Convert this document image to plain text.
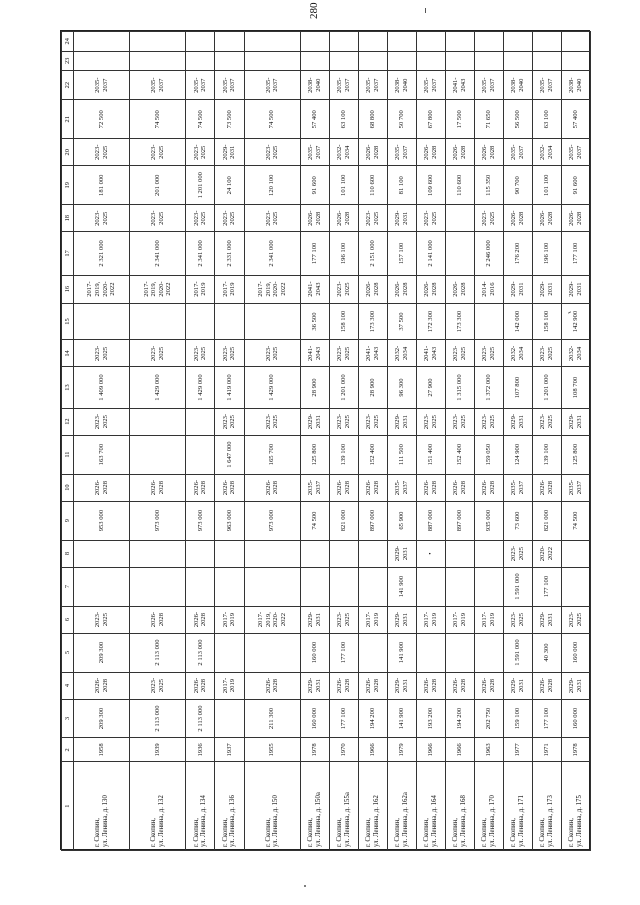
280
1	2	3	4	5	6	7	8	9	10	11	12	13	14	15	16	17	18	19	20	21	22	23	24
г. Скопин,
ул. Ленина, д. 130	1958	209 300	2026-
2028	209 300	2023-
2025			953 000	2026-
2028	163 700	2023-
2025	1 409 000	2023-
2025		2017-
2019,
2020-
2022	2 321 000	2023-
2025	181 000	2023-
2025	72 500	2035-
2037		
г. Скопин,
ул. Ленина, д. 132	1939	2 113 000	2023-
2025	2 113 000	2026-
2028			973 000	2026-
2028			1 429 000	2023-
2025		2017-
2019,
2020-
2022	2 341 000	2023-
2025	201 000	2023-
2025	74 500	2035-
2037		
г. Скопин,
ул. Ленина, д. 134	1936	2 113 000	2026-
2028	2 113 000	2026-
2028			973 000	2026-
2028			1 429 000	2023-
2025		2017-
2019	2 341 000	2023-
2025	1 201 000	2023-
2025	74 500	2035-
2037		
г. Скопин,
ул. Ленина, д. 136	1937		2017-
2019		2017-
2019			963 000	2026-
2028	1 647 000	2023-
2025	1 419 000	2023-
2025		2017-
2019	2 331 000	2023-
2025	24 100	2029-
2031	73 500	2035-
2037		
г. Скопин,
ул. Ленина, д. 150	1955	211 300	2026-
2028		2017-
2019,
2020-
2022			973 000	2026-
2028	165 700	2023-
2025	1 429 000	2023-
2025		2017-
2019,
2020-
2022	2 341 000	2023-
2025	120 100	2023-
2025	74 500	2035-
2037		
г. Скопин,
ул. Ленина, д. 150а	1978	160 000	2029-
2031	160 000	2029-
2031			74 500	2035-
2037	125 800	2029-
2031	28 900	2041-
2043	36 500	2041-
2043	177 100	2026-
2028	91 600	2035-
2037	57 400	2038-
2040		
г. Скопин,
ул. Ленина, д. 155а	1970	177 100	2026-
2028	177 100	2023-
2025			821 000	2026-
2028	139 100	2023-
2025	1 201 000	2023-
2025	158 100	2023-
2025	196 100	2026-
2028	101 100	2032-
2034	63 100	2035-
2037		
г. Скопин,
ул. Ленина, д. 162	1966	194 200	2026-
2028		2017-
2019			897 000	2026-
2028	152 400	2023-
2025	28 900	2041-
2043	173 300	2026-
2028	2 151 000	2023-
2025	110 600	2026-
2028	68 800	2035-
2037		
г. Скопин,
ул. Ленина, д. 162а	1979	141 900	2029-
2031	141 900	2029-
2031	141 900	2029-
2031	65 900	2035-
2037	111 500	2029-
2031	96 300	2032-
2034	37 500	2026-
2028	157 100	2029-
2031	81 100	2035-
2037	50 700	2038-
2040		
г. Скопин,
ул. Ленина, д. 164	1966	193 200	2026-
2028		2017-
2019		•	887 000	2026-
2028	151 400	2023-
2025	27 900	2041-
2043	172 300	2026-
2028	2 141 000	2023-
2025	109 600	2026-
2028	67 800	2035-
2037		
г. Скопин,
ул. Ленина, д. 168	1966	194 200	2026-
2028		2017-
2019			897 000	2026-
2028	152 400	2023-
2025	1 315 000	2023-
2025	173 300	2026-
2028			110 600	2026-
2028	17 500	2041-
2043		
г. Скопин,
ул. Ленина, д. 170	1963	202 750	2026-
2028		2017-
2019			935 000	2026-
2028	159 050	2023-
2025	1 372 000	2023-
2025		2014-
2016	2 246 000	2023-
2025	115 350	2026-
2028	71 650	2035-
2037		
г. Скопин,
ул. Ленина, д. 171	1977	159 100	2029-
2031	1 591 000	2023-
2025	1 591 000	2023-
2025	73 600	2035-
2037	124 900	2029-
2031	107 800	2032-
2034	142 000	2029-
2031	176 200	2026-
2028	90 700	2035-
2037	56 500	2038-
2040		
г. Скопин,
ул. Ленина, д. 173	1971	177 100	2026-
2028	40 300	2029-
2031	177 100	2020-
2022	821 000	2026-
2028	139 100	2023-
2025	1 201 000	2023-
2025	158 100	2029-
2031	196 100	2026-
2028	101 100	2032-
2034	63 100	2035-
2037		
г. Скопин,
ул. Ленина, д. 175	1978	160 000	2029-
2031	160 000	2023-
2025			74 500	2035-
2037	125 800	2029-
2031	108 700	2032-
2034	142 900	2029-
2031	177 100	2026-
2028	91 600	2035-
2037	57 400	2038-
2040		
